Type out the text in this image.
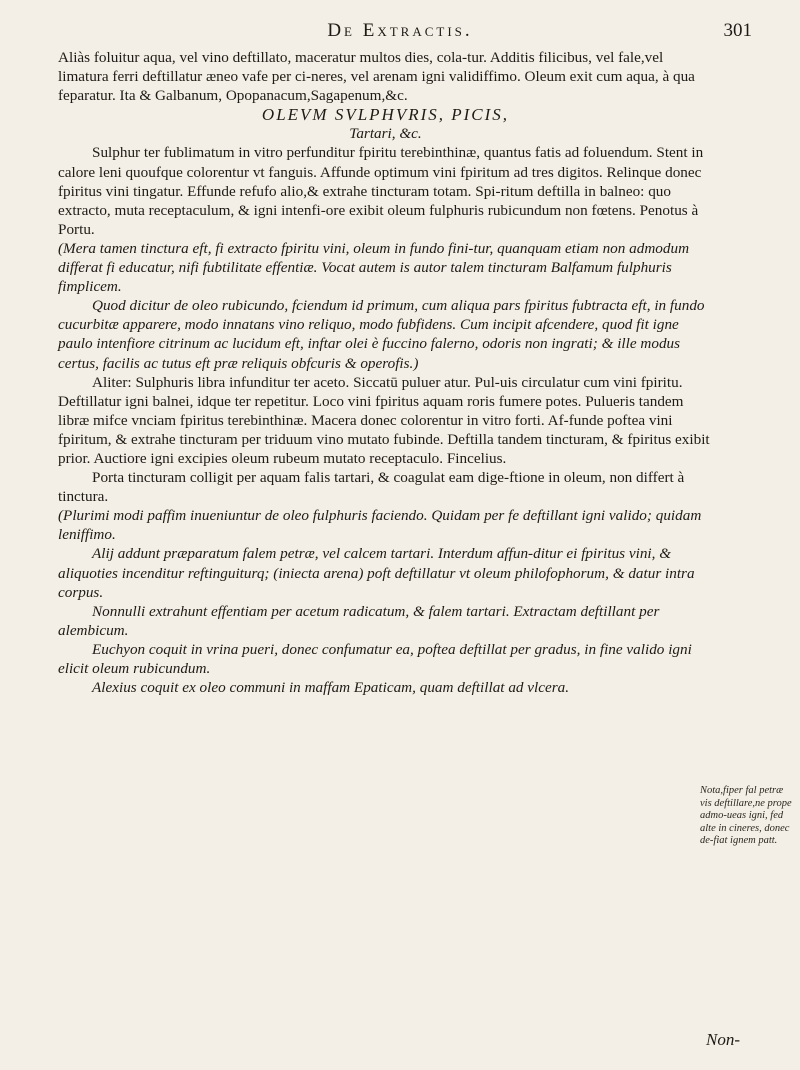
De Extractis.	301

Aliàs foluitur aqua, vel vino deftillato, maceratur multos dies, cola-tur. Additis filicibus, vel fale,vel limatura ferri deftillatur æneo vafe per ci-neres, vel arenam igni validiffimo. Oleum exit cum aqua, à qua feparatur. Ita & Galbanum, Opopanacum,Sagapenum,&c.

OLEVM SVLPHVRIS, PICIS,

Tartari, &c.

Sulphur ter fublimatum in vitro perfunditur fpiritu terebinthinæ, quantus fatis ad foluendum. Stent in calore leni quoufque colorentur vt fanguis. Affunde optimum vini fpiritum ad tres digitos. Relinque donec fpiritus vini tingatur. Effunde refufo alio,& extrahe tincturam totam. Spi-ritum deftilla in balneo: quo extracto, muta receptaculum, & igni intenfi-ore exibit oleum fulphuris rubicundum non fœtens. Penotus à Portu.

(Mera tamen tinctura eft, fi extracto fpiritu vini, oleum in fundo fini-tur, quanquam etiam non admodum differat fi educatur, nifi fubtilitate effentiæ. Vocat autem is autor talem tincturam Balfamum fulphuris fimplicem.

Quod dicitur de oleo rubicundo, fciendum id primum, cum aliqua pars fpiritus fubtracta eft, in fundo cucurbitæ apparere, modo innatans vino reliquo, modo fubfidens. Cum incipit afcendere, quod fit igne paulo intenfiore citrinum ac lucidum eft, inftar olei è fuccino falerno, odoris non ingrati; & ille modus certus, facilis ac tutus eft præ reliquis obfcuris & operofis.)

Aliter: Sulphuris libra infunditur ter aceto. Siccatū puluer atur. Pul-uis circulatur cum vini fpiritu. Deftillatur igni balnei, idque ter repetitur. Loco vini fpiritus aquam roris fumere potes. Pulueris tandem libræ mifce vnciam fpiritus terebinthinæ. Macera donec colorentur in vitro forti. Af-funde poftea vini fpiritum, & extrahe tincturam per triduum vino mutato fubinde. Deftilla tandem tincturam, & fpiritus exibit prior. Auctiore igni excipies oleum rubeum mutato receptaculo. Fincelius.

Porta tincturam colligit per aquam falis tartari, & coagulat eam dige-ftione in oleum, non differt à tinctura.

(Plurimi modi paffim inueniuntur de oleo fulphuris faciendo. Quidam per fe deftillant igni valido; quidam leniffimo.

Alij addunt præparatum falem petræ, vel calcem tartari. Interdum affun-ditur ei fpiritus vini, & aliquoties incenditur reftinguiturq; (iniecta arena) poft deftillatur vt oleum philofophorum, & datur intra corpus.

Nonnulli extrahunt effentiam per acetum radicatum, & falem tartari. Extractam deftillant per alembicum.

Euchyon coquit in vrina pueri, donec confumatur ea, poftea deftillat per gradus, in fine valido igni elicit oleum rubicundum.

Alexius coquit ex oleo communi in maffam Epaticam, quam deftillat ad vlcera.

Nota,fiper fal petræ vis deftillare,ne prope admo-ueas igni, fed alte in cineres, donec de-fiat ignem patt.
Non-
